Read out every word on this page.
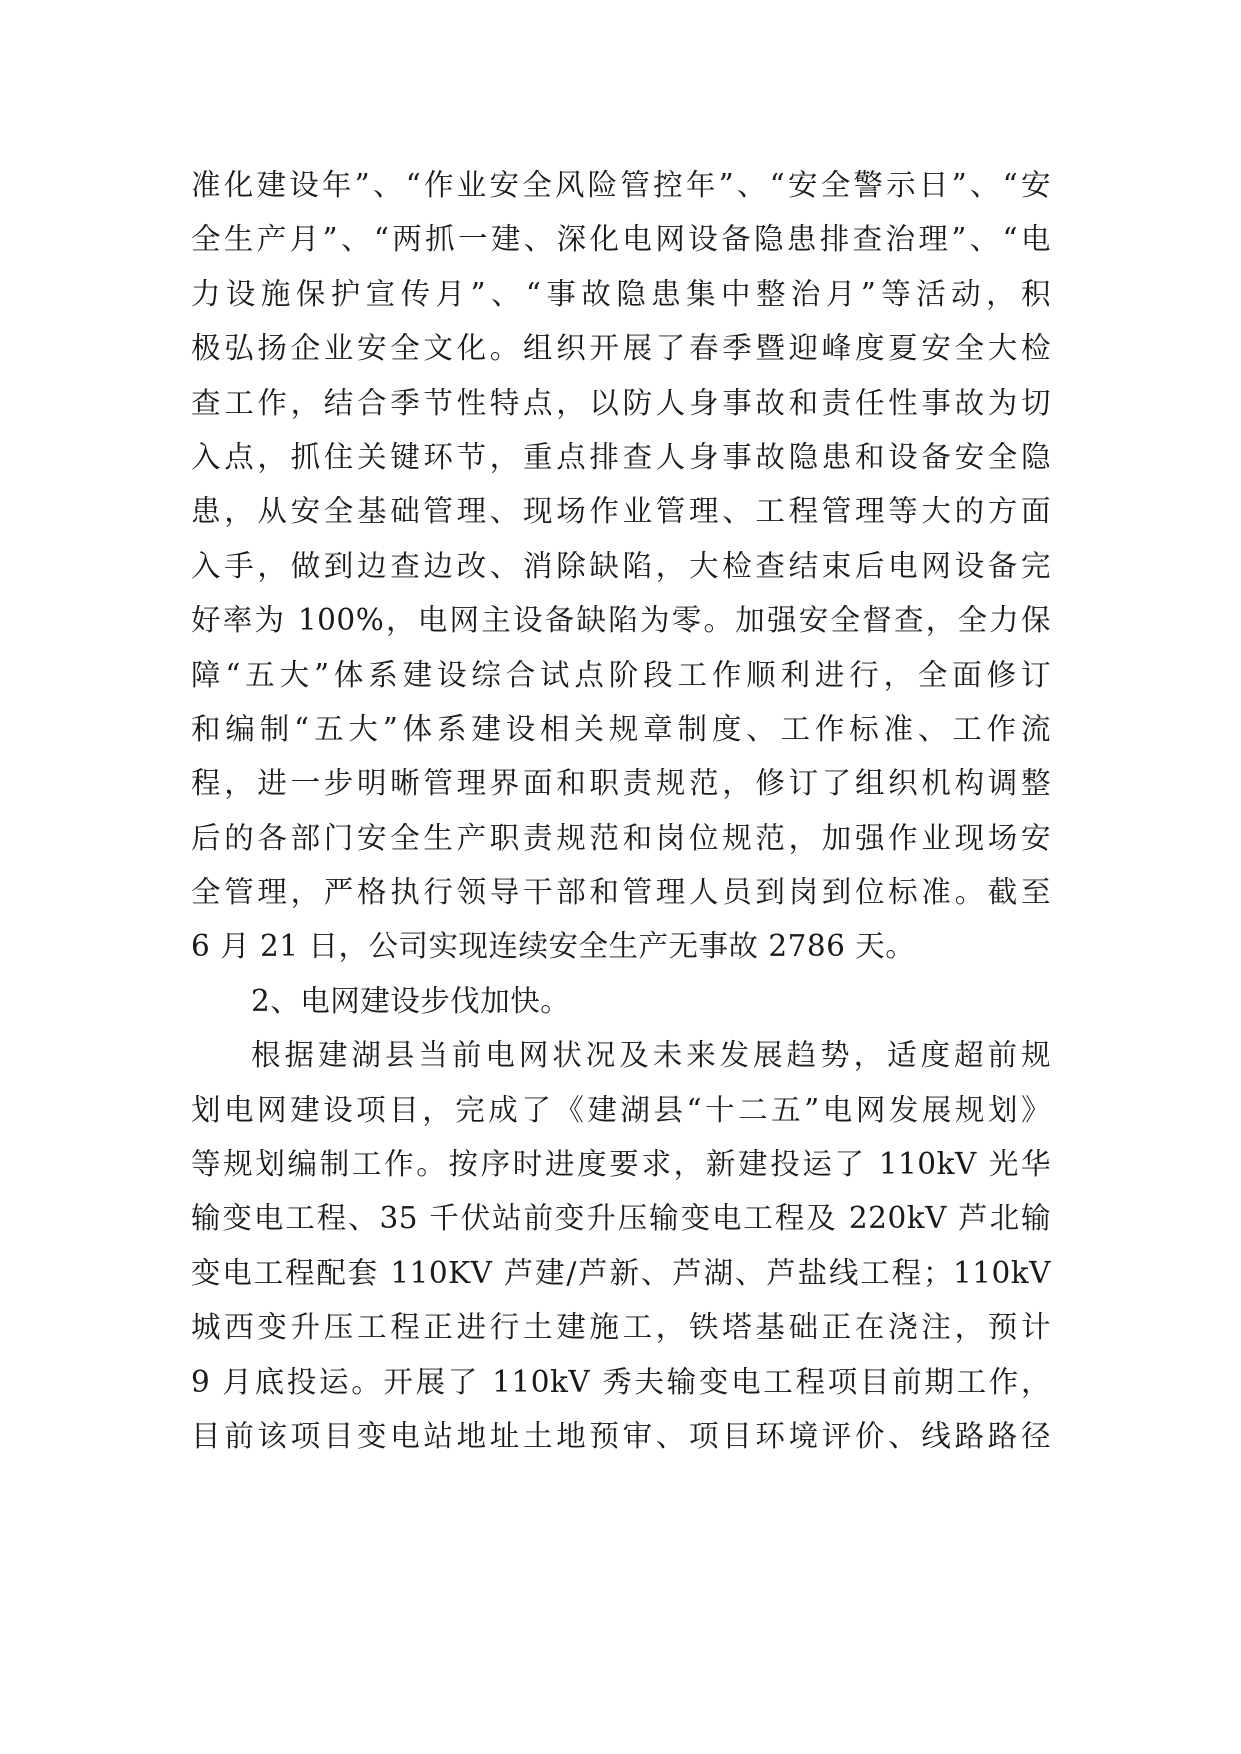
准化建设年”、“作业安全风险管控年”、“安全警示日”、“安
全生产月”、“两抓一建、深化电网设备隐患排查治理”、“电
力设施保护宣传月”、“事故隐患集中整治月”等活动，积
极弘扬企业安全文化。组织开展了春季暨迎峰度夏安全大检
查工作，结合季节性特点，以防人身事故和责任性事故为切
入点，抓住关键环节，重点排查人身事故隐患和设备安全隐
患，从安全基础管理、现场作业管理、工程管理等大的方面
入手，做到边查边改、消除缺陷，大检查结束后电网设备完
好率为 100%，电网主设备缺陷为零。加强安全督查，全力保
障“五大”体系建设综合试点阶段工作顺利进行，全面修订
和编制“五大”体系建设相关规章制度、工作标准、工作流
程，进一步明晰管理界面和职责规范，修订了组织机构调整
后的各部门安全生产职责规范和岗位规范，加强作业现场安
全管理，严格执行领导干部和管理人员到岗到位标准。截至
6 月 21 日，公司实现连续安全生产无事故 2786 天。
2、电网建设步伐加快。
根据建湖县当前电网状况及未来发展趋势，适度超前规
划电网建设项目，完成了《建湖县“十二五”电网发展规划》
等规划编制工作。按序时进度要求，新建投运了 110kV 光华
输变电工程、35 千伏站前变升压输变电工程及 220kV 芦北输
变电工程配套 110KV 芦建/芦新、芦湖、芦盐线工程；110kV
城西变升压工程正进行土建施工，铁塔基础正在浇注，预计
9 月底投运。开展了 110kV 秀夫输变电工程项目前期工作，
目前该项目变电站地址土地预审、项目环境评价、线路路径
